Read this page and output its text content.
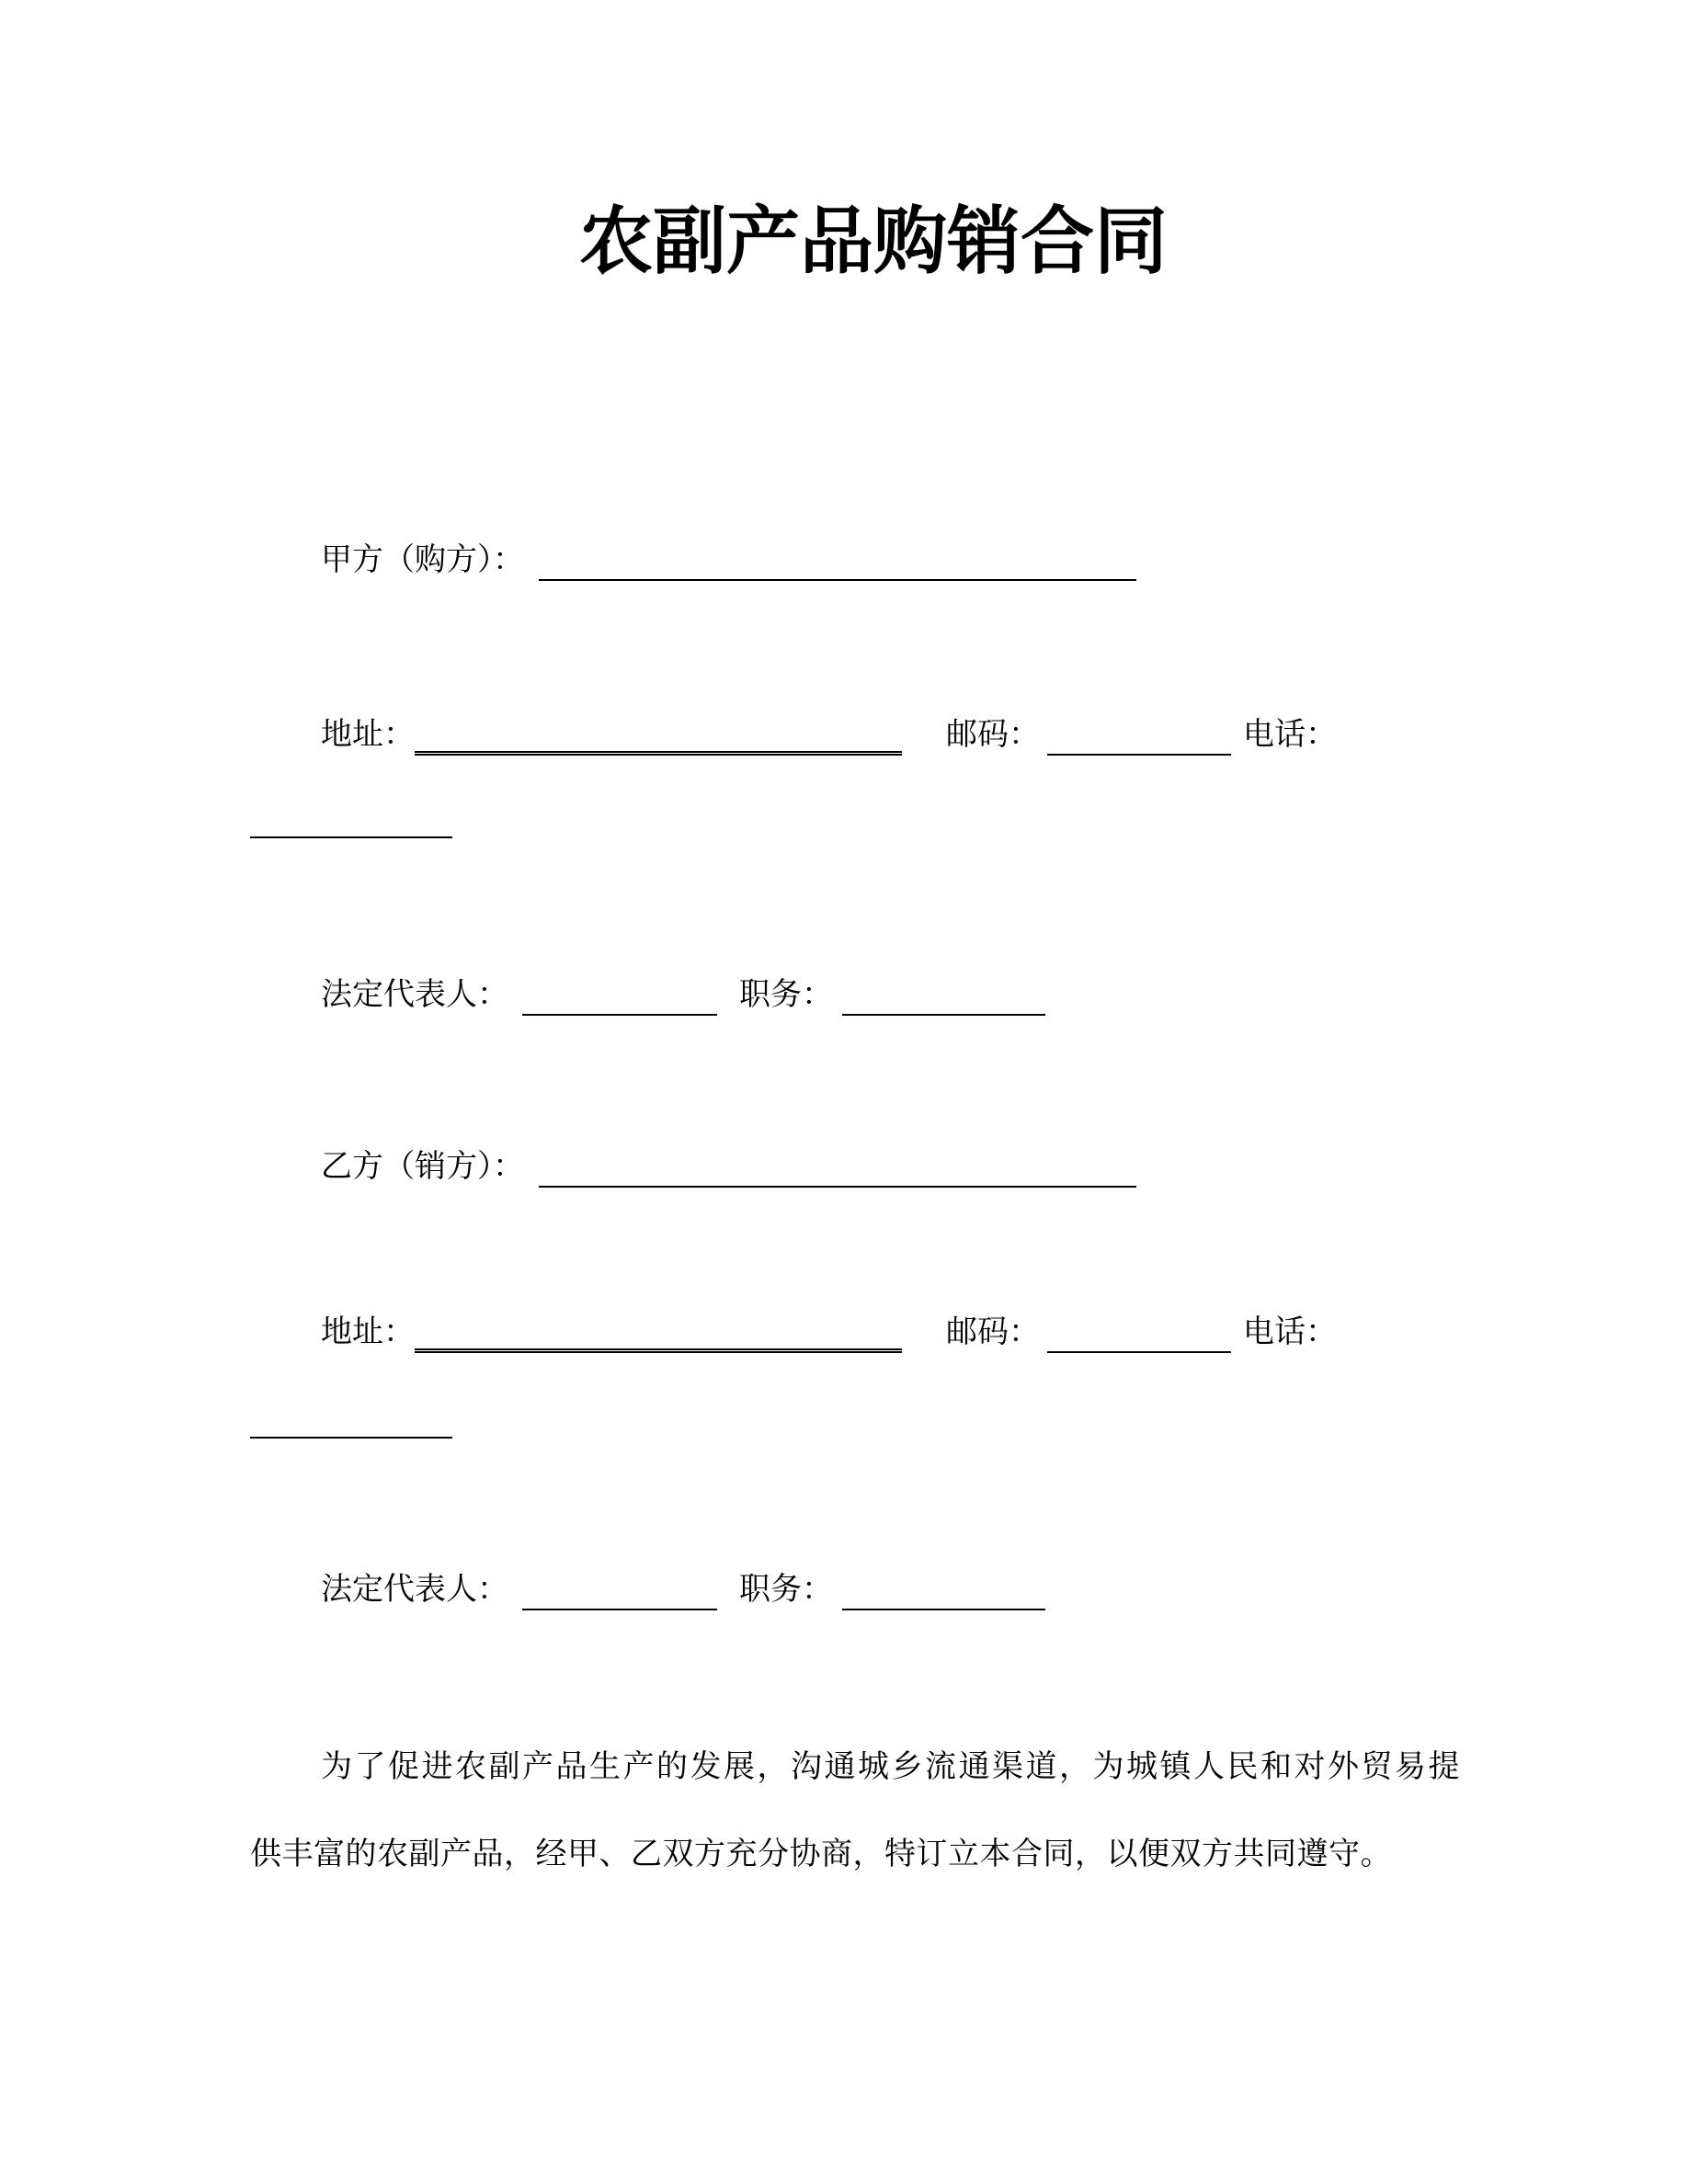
农副产品购销合同
甲方（购方）：
地址：	邮码：	电话：
法定代表人：	职务：
乙方（销方）：
地址：	邮码：	电话：
法定代表人：	职务：
为了促进农副产品生产的发展，沟通城乡流通渠道，为城镇人民和对外贸易提
供丰富的农副产品，经甲、乙双方充分协商，特订立本合同，以便双方共同遵守。
